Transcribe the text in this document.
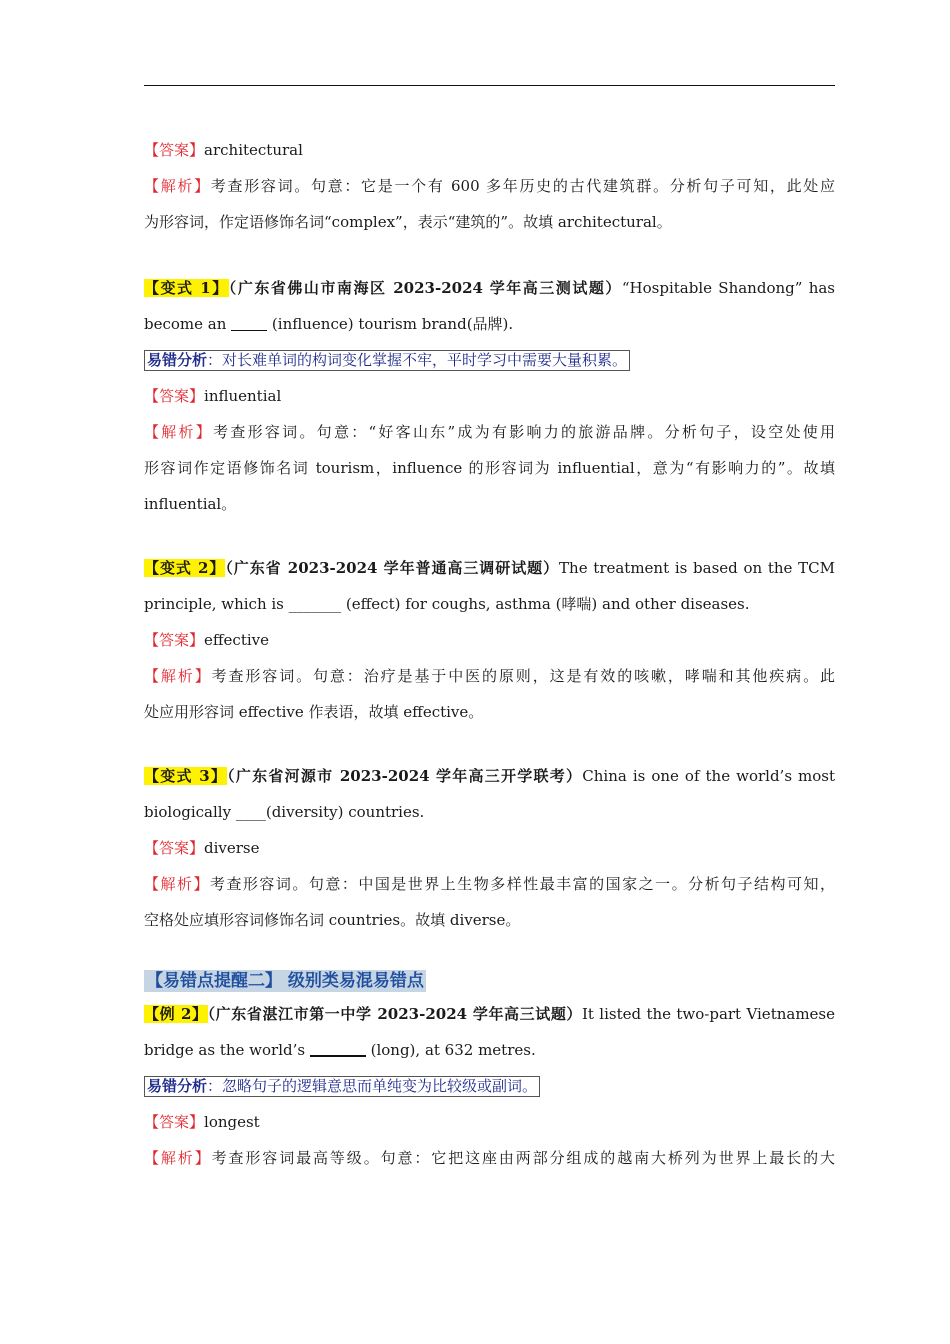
【答案】architectural
【解析】考查形容词。句意：它是一个有 600 多年历史的古代建筑群。分析句子可知，此处应
为形容词，作定语修饰名词“complex”，表示“建筑的”。故填 architectural。
【变式 1】（广东省佛山市南海区 2023-2024 学年高三测试题）“Hospitable Shandong” has
become an  (influence) tourism brand(品牌).
易错分析：对长难单词的构词变化掌握不牢，平时学习中需要大量积累。
【答案】influential
【解析】考查形容词。句意：“好客山东”成为有影响力的旅游品牌。分析句子，设空处使用
形容词作定语修饰名词 tourism，influence 的形容词为 influential，意为“有影响力的”。故填
influential。
【变式 2】（广东省 2023-2024 学年普通高三调研试题）The treatment is based on the TCM
principle, which is _______ (effect) for coughs, asthma (哮喘) and other diseases.
【答案】effective
【解析】考查形容词。句意：治疗是基于中医的原则，这是有效的咳嗽，哮喘和其他疾病。此
处应用形容词 effective 作表语，故填 effective。
【变式 3】（广东省河源市 2023-2024 学年高三开学联考）China is one of the world’s most
biologically ____(diversity) countries.
【答案】diverse
【解析】考查形容词。句意：中国是世界上生物多样性最丰富的国家之一。分析句子结构可知，
空格处应填形容词修饰名词 countries。故填 diverse。
【易错点提醒二】 级别类易混易错点
【例 2】（广东省湛江市第一中学 2023-2024 学年高三试题）It listed the two-part Vietnamese
bridge as the world’s	(long), at 632 metres.
易错分析：忽略句子的逻辑意思而单纯变为比较级或副词。
【答案】longest
【解析】考查形容词最高等级。句意：它把这座由两部分组成的越南大桥列为世界上最长的大
